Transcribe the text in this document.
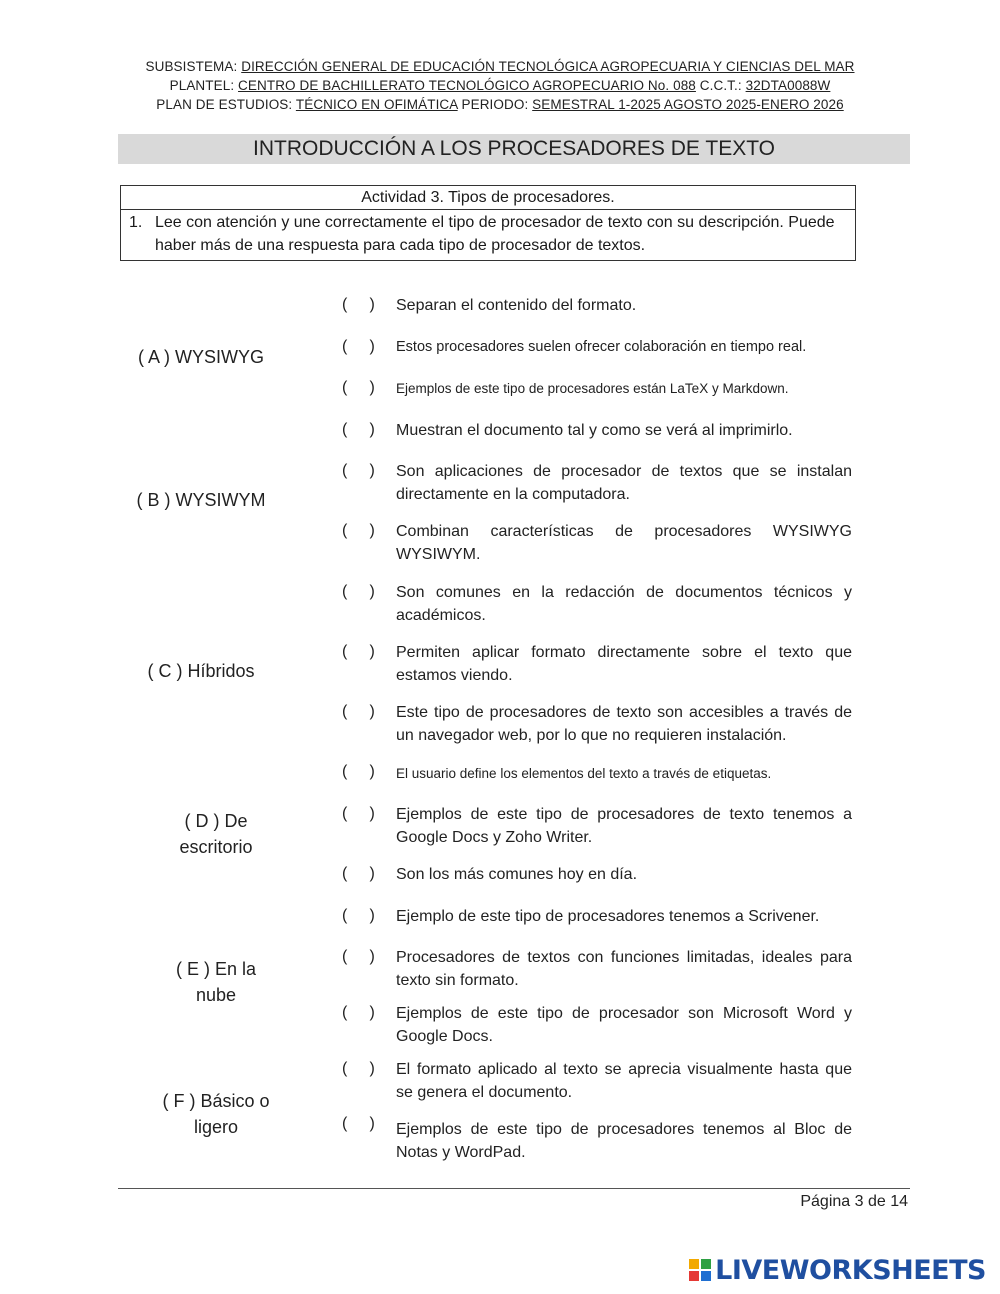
SUBSISTEMA: DIRECCIÓN GENERAL DE EDUCACIÓN TECNOLÓGICA AGROPECUARIA Y CIENCIAS DEL MAR
PLANTEL: CENTRO DE BACHILLERATO TECNOLÓGICO AGROPECUARIO No. 088 C.C.T.: 32DTA0088W
PLAN DE ESTUDIOS: TÉCNICO EN OFIMÁTICA PERIODO: SEMESTRAL 1-2025 AGOSTO 2025-ENERO 2026
INTRODUCCIÓN A LOS PROCESADORES DE TEXTO
Actividad 3. Tipos de procesadores.
1. Lee con atención y une correctamente el tipo de procesador de texto con su descripción. Puede haber más de una respuesta para cada tipo de procesador de textos.
( A ) WYSIWYG
( B ) WYSIWYM
( C ) Híbridos
( D ) De
escritorio
( E ) En la
nube
( F ) Básico o
ligero
(     )
(     )
(     )
(     )
(     )
(     )
(     )
(     )
(     )
(     )
(     )
(     )
(     )
(     )
(     )
(     )
(     )
Separan el contenido del formato.
Estos procesadores suelen ofrecer colaboración en tiempo real.
Ejemplos de este tipo de procesadores están LaTeX y Markdown.
Muestran el documento tal y como se verá al imprimirlo.
Son aplicaciones de procesador de textos que se instalan directamente en la computadora.
Combinan características de procesadores WYSIWYG WYSIWYM.
Son comunes en la redacción de documentos técnicos y académicos.
Permiten aplicar formato directamente sobre el texto que estamos viendo.
Este tipo de procesadores de texto son accesibles a través de un navegador web, por lo que no requieren instalación.
El usuario define los elementos del texto a través de etiquetas.
Ejemplos de este tipo de procesadores de texto tenemos a Google Docs y Zoho Writer.
Son los más comunes hoy en día.
Ejemplo de este tipo de procesadores tenemos a Scrivener.
Procesadores de textos con funciones limitadas, ideales para texto sin formato.
Ejemplos de este tipo de procesador son Microsoft Word y Google Docs.
El formato aplicado al texto se aprecia visualmente hasta que se genera el documento.
Ejemplos de este tipo de procesadores tenemos al Bloc de Notas y WordPad.
Página 3 de 14
LIVEWORKSHEETS
